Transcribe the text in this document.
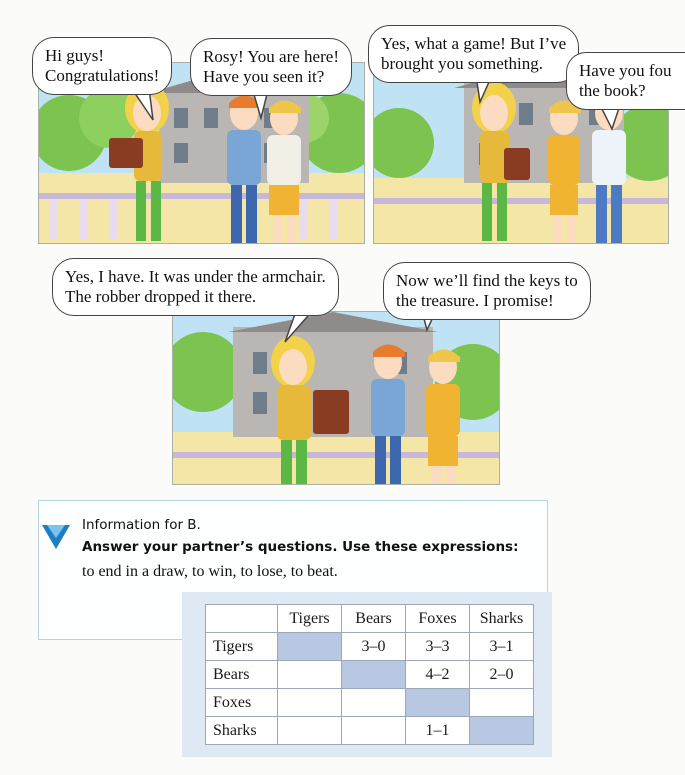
Hi guys!
Congratulations!
Rosy! You are here!
Have you seen it?
Yes, what a game! But I’ve
brought you something.	Have you fou
the book?
Yes, I have. It was under the armchair.
The robber dropped it there.
Now we’ll find the keys to
the treasure. I promise!
Information for B.
Answer your partner’s questions. Use these expressions:
to end in a draw, to win, to lose, to beat.
	Tigers	Bears	Foxes	Sharks
Tigers		3–0	3–3	3–1
Bears			4–2	2–0
Foxes				
Sharks			1–1	
